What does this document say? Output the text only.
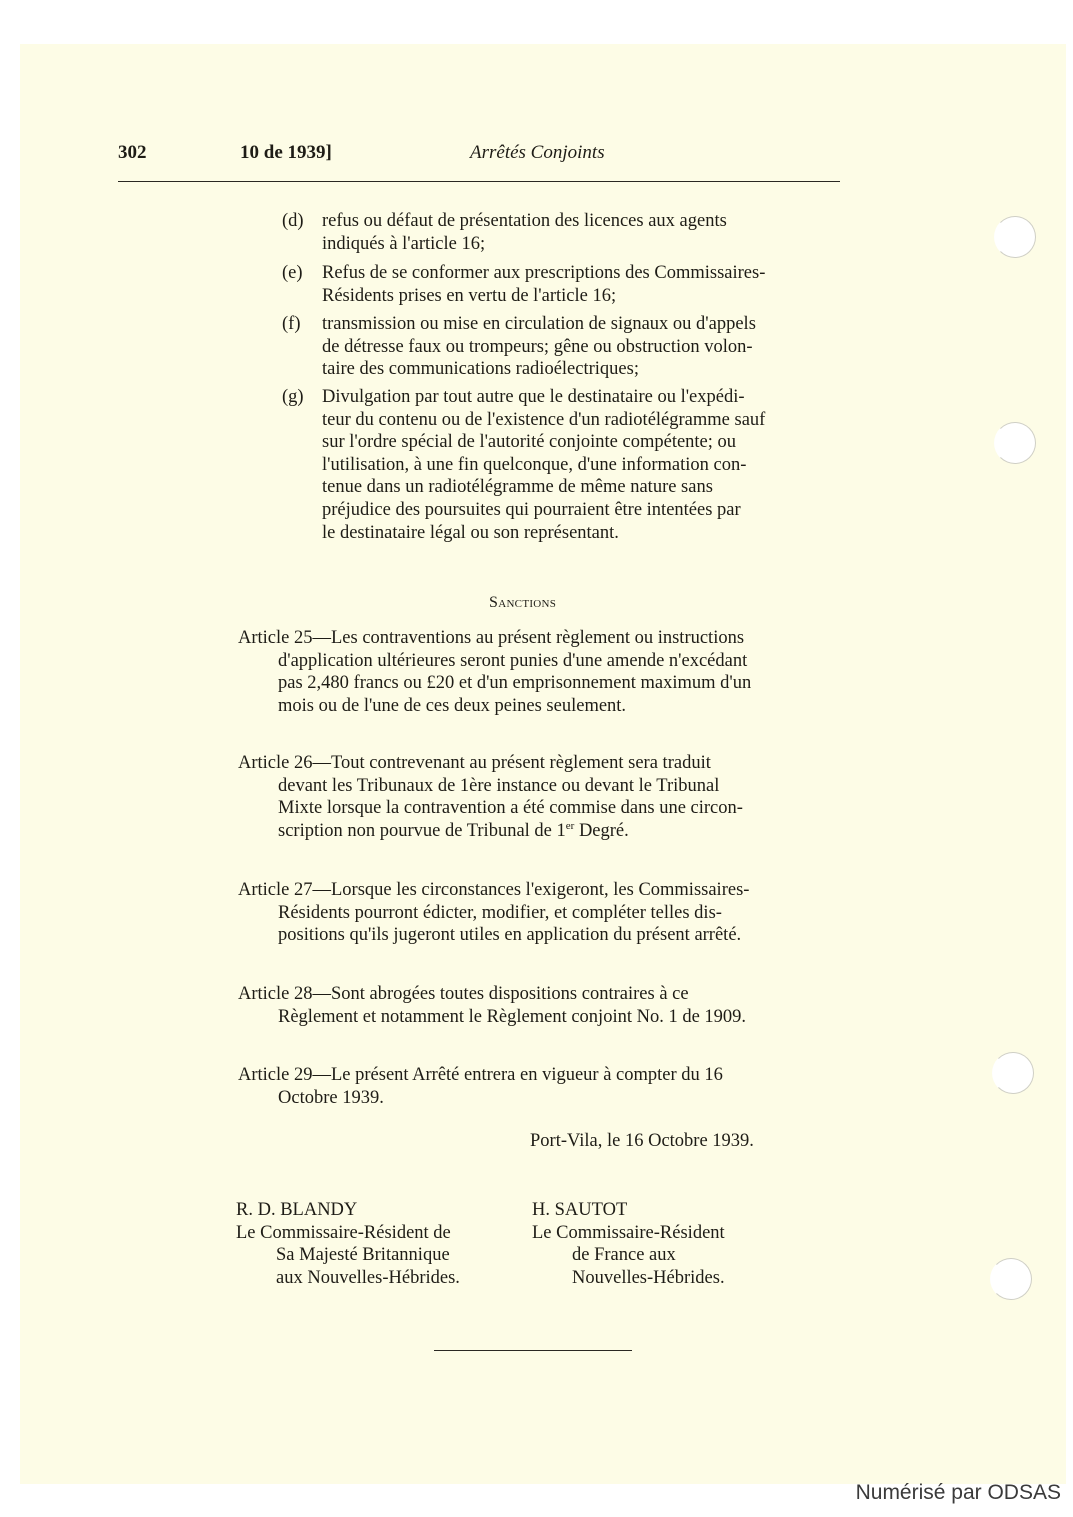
302	10 de 1939]	Arrêtés Conjoints
(d) refus ou défaut de présentation des licences aux agents
indiqués à l'article 16;
(e) Refus de se conformer aux prescriptions des Commissaires-
Résidents prises en vertu de l'article 16;
(f) transmission ou mise en circulation de signaux ou d'appels
de détresse faux ou trompeurs; gêne ou obstruction volon-
taire des communications radioélectriques;
(g) Divulgation par tout autre que le destinataire ou l'expédi-
teur du contenu ou de l'existence d'un radiotélégramme sauf
sur l'ordre spécial de l'autorité conjointe compétente; ou
l'utilisation, à une fin quelconque, d'une information con-
tenue dans un radiotélégramme de même nature sans
préjudice des poursuites qui pourraient être intentées par
le destinataire légal ou son représentant.
Sanctions
Article 25—Les contraventions au présent règlement ou instructions
d'application ultérieures seront punies d'une amende n'excédant
pas 2,480 francs ou £20 et d'un emprisonnement maximum d'un
mois ou de l'une de ces deux peines seulement.
Article 26—Tout contrevenant au présent règlement sera traduit
devant les Tribunaux de 1ère instance ou devant le Tribunal
Mixte lorsque la contravention a été commise dans une circon-
scription non pourvue de Tribunal de 1er Degré.
Article 27—Lorsque les circonstances l'exigeront, les Commissaires-
Résidents pourront édicter, modifier, et compléter telles dis-
positions qu'ils jugeront utiles en application du présent arrêté.
Article 28—Sont abrogées toutes dispositions contraires à ce
Règlement et notamment le Règlement conjoint No. 1 de 1909.
Article 29—Le présent Arrêté entrera en vigueur à compter du 16
Octobre 1939.
Port-Vila, le 16 Octobre 1939.
R. D. BLANDY
Le Commissaire-Résident de
Sa Majesté Britannique
aux Nouvelles-Hébrides.
H. SAUTOT
Le Commissaire-Résident
de France aux
Nouvelles-Hébrides.
Numérisé par ODSAS
